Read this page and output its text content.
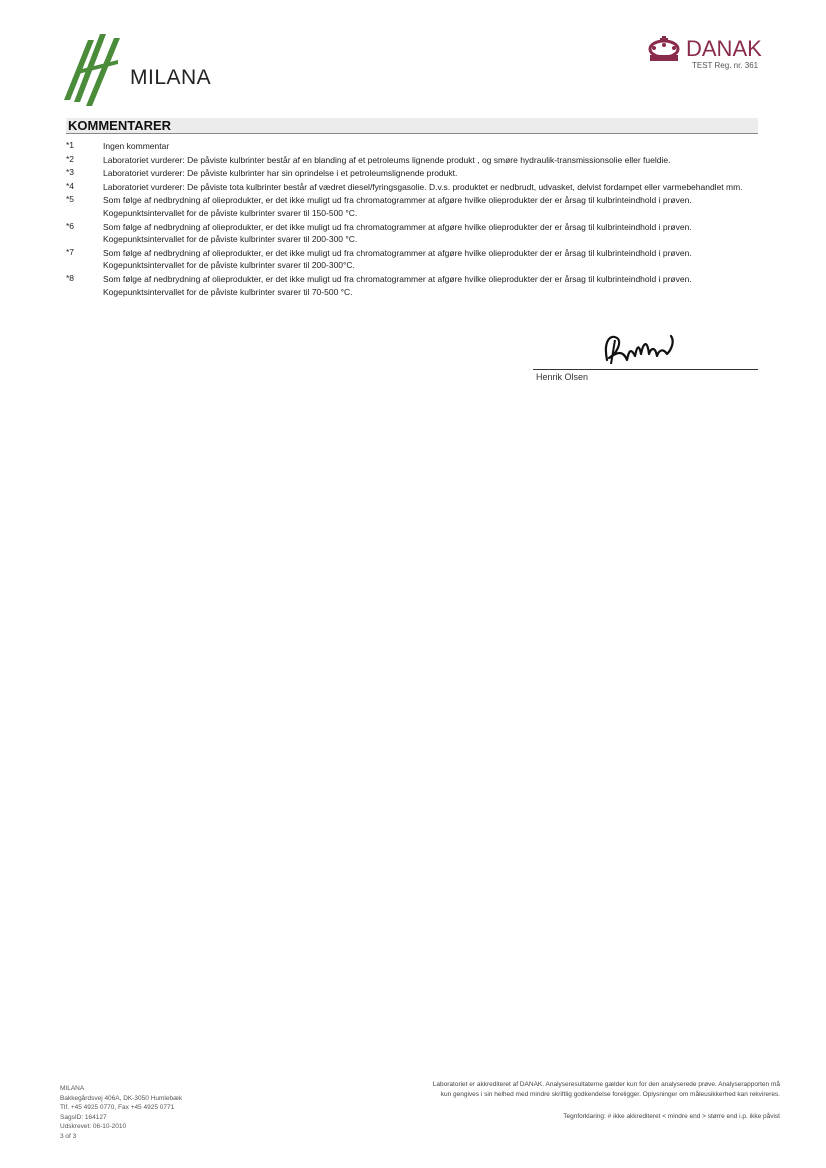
MILANA
DANAK
TEST Reg. nr. 361
KOMMENTARER
*1	Ingen kommentar
*2	Laboratoriet vurderer: De påviste kulbrinter består af en blanding af et petroleums lignende produkt , og smøre hydraulik-transmissionsolie eller fueldie.
*3	Laboratoriet vurderer: De påviste kulbrinter har sin oprindelse i et petroleumslignende produkt.
*4	Laboratoriet vurderer: De påviste tota kulbrinter består af vædret diesel/fyringsgasolie. D.v.s. produktet er nedbrudt, udvasket, delvist fordampet eller varmebehandlet mm.
*5	Som følge af nedbrydning af olieprodukter, er det ikke muligt ud fra chromatogrammer at afgøre hvilke olieprodukter der er årsag til kulbrinteindhold i prøven. Kogepunktsintervallet for de påviste kulbrinter svarer til 150-500 °C.
*6	Som følge af nedbrydning af olieprodukter, er det ikke muligt ud fra chromatogrammer at afgøre hvilke olieprodukter der er årsag til kulbrinteindhold i prøven. Kogepunktsintervallet for de påviste kulbrinter svarer til 200-300 °C.
*7	Som følge af nedbrydning af olieprodukter, er det ikke muligt ud fra chromatogrammer at afgøre hvilke olieprodukter der er årsag til kulbrinteindhold i prøven. Kogepunktsintervallet for de påviste kulbrinter svarer til 200-300°C.
*8	Som følge af nedbrydning af olieprodukter, er det ikke muligt ud fra chromatogrammer at afgøre hvilke olieprodukter der er årsag til kulbrinteindhold i prøven. Kogepunktsintervallet for de påviste kulbrinter svarer til 70-500 °C.
Henrik Olsen
MILANA
Bakkegårdsvej 406A, DK-3050 Humlebæk
Tlf. +45 4925 0770, Fax +45 4925 0771
SagsID: 164127
Udskrevet: 06-10-2010
3 of 3
Laboratoriet er akkrediteret af DANAK. Analyseresultaterne gælder kun for den analyserede prøve. Analyserapporten må
kun gengives i sin helhed med mindre skriftlig godkendelse foreligger. Oplysninger om måleusikkerhed kan rekvireres.
Tegnforklaring: # ikke akkrediteret < mindre end > større end i.p. ikke påvist
